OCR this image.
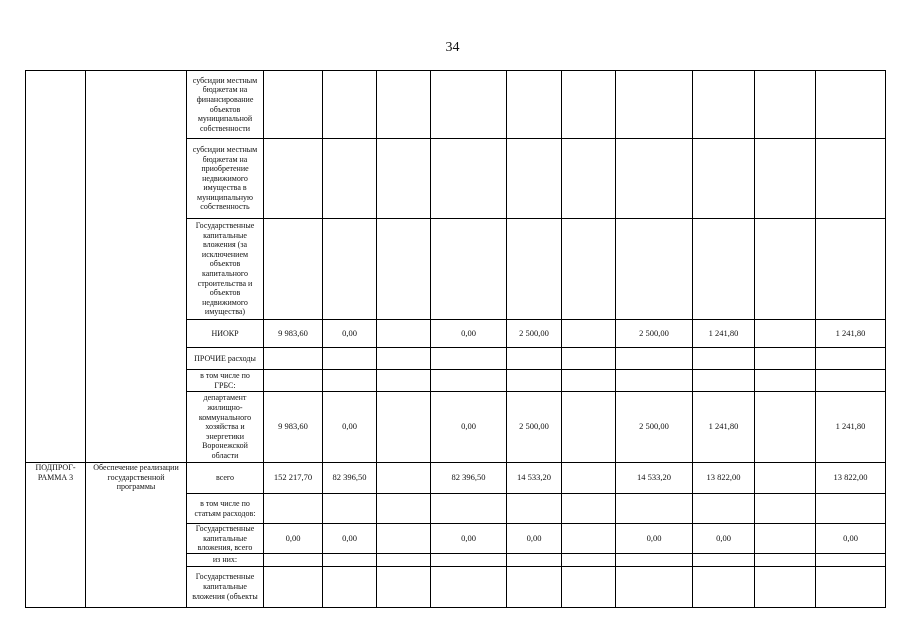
34
		субсидии местным бюджетам на финансирование объектов муниципальной собственности										
		субсидии местным бюджетам на приобретение недвижимого имущества в муниципальную собственность										
		Государственные капитальные вложения (за исключением объектов капитального строительства и объектов недвижимого имущества)										
		НИОКР	9 983,60	0,00		0,00	2 500,00		2 500,00	1 241,80		1 241,80
		ПРОЧИЕ расходы										
		в том числе по ГРБС:										
		департамент жилищно-коммунального хозяйства и энергетики Воронежской области	9 983,60	0,00		0,00	2 500,00		2 500,00	1 241,80		1 241,80
ПОДПРОГ-РАММА 3	Обеспечение реализации государственной программы	всего	152 217,70	82 396,50		82 396,50	14 533,20		14 533,20	13 822,00		13 822,00
		в том числе по статьям расходов:										
		Государственные капитальные вложения, всего	0,00	0,00		0,00	0,00		0,00	0,00		0,00
		из них:										
		Государственные капитальные вложения (объекты										
